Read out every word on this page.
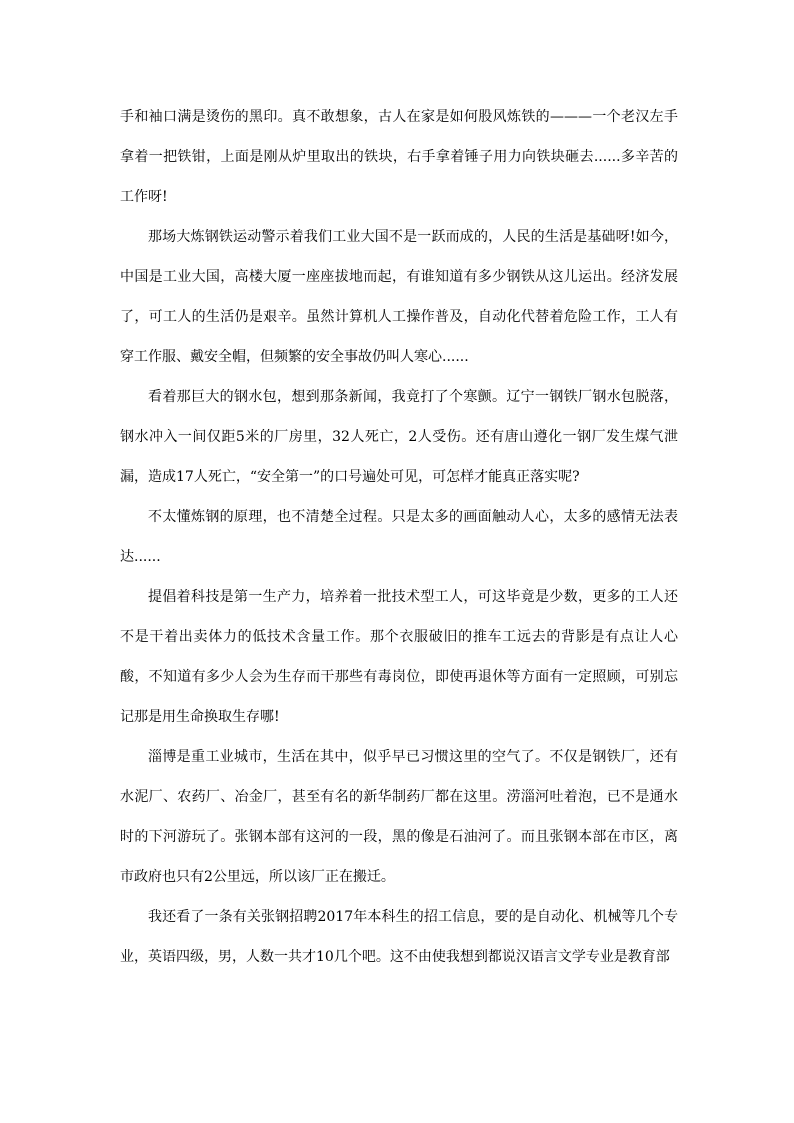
手和袖口满是烫伤的黑印。真不敢想象，古人在家是如何股风炼铁的———一个老汉左手拿着一把铁钳，上面是刚从炉里取出的铁块，右手拿着锤子用力向铁块砸去......多辛苦的工作呀!

那场大炼钢铁运动警示着我们工业大国不是一跃而成的，人民的生活是基础呀!如今，中国是工业大国，高楼大厦一座座拔地而起，有谁知道有多少钢铁从这儿运出。经济发展了，可工人的生活仍是艰辛。虽然计算机人工操作普及，自动化代替着危险工作，工人有穿工作服、戴安全帽，但频繁的安全事故仍叫人寒心......

看着那巨大的钢水包，想到那条新闻，我竟打了个寒颤。辽宁一钢铁厂钢水包脱落，钢水冲入一间仅距5米的厂房里，32人死亡，2人受伤。还有唐山遵化一钢厂发生煤气泄漏，造成17人死亡，“安全第一”的口号遍处可见，可怎样才能真正落实呢?

不太懂炼钢的原理，也不清楚全过程。只是太多的画面触动人心，太多的感情无法表达......

提倡着科技是第一生产力，培养着一批技术型工人，可这毕竟是少数，更多的工人还不是干着出卖体力的低技术含量工作。那个衣服破旧的推车工远去的背影是有点让人心酸，不知道有多少人会为生存而干那些有毒岗位，即使再退休等方面有一定照顾，可别忘记那是用生命换取生存哪!

淄博是重工业城市，生活在其中，似乎早已习惯这里的空气了。不仅是钢铁厂，还有水泥厂、农药厂、冶金厂，甚至有名的新华制药厂都在这里。涝淄河吐着泡，已不是通水时的下河游玩了。张钢本部有这河的一段，黑的像是石油河了。而且张钢本部在市区，离市政府也只有2公里远，所以该厂正在搬迁。

我还看了一条有关张钢招聘2017年本科生的招工信息，要的是自动化、机械等几个专业，英语四级，男，人数一共才10几个吧。这不由使我想到都说汉语言文学专业是教育部
